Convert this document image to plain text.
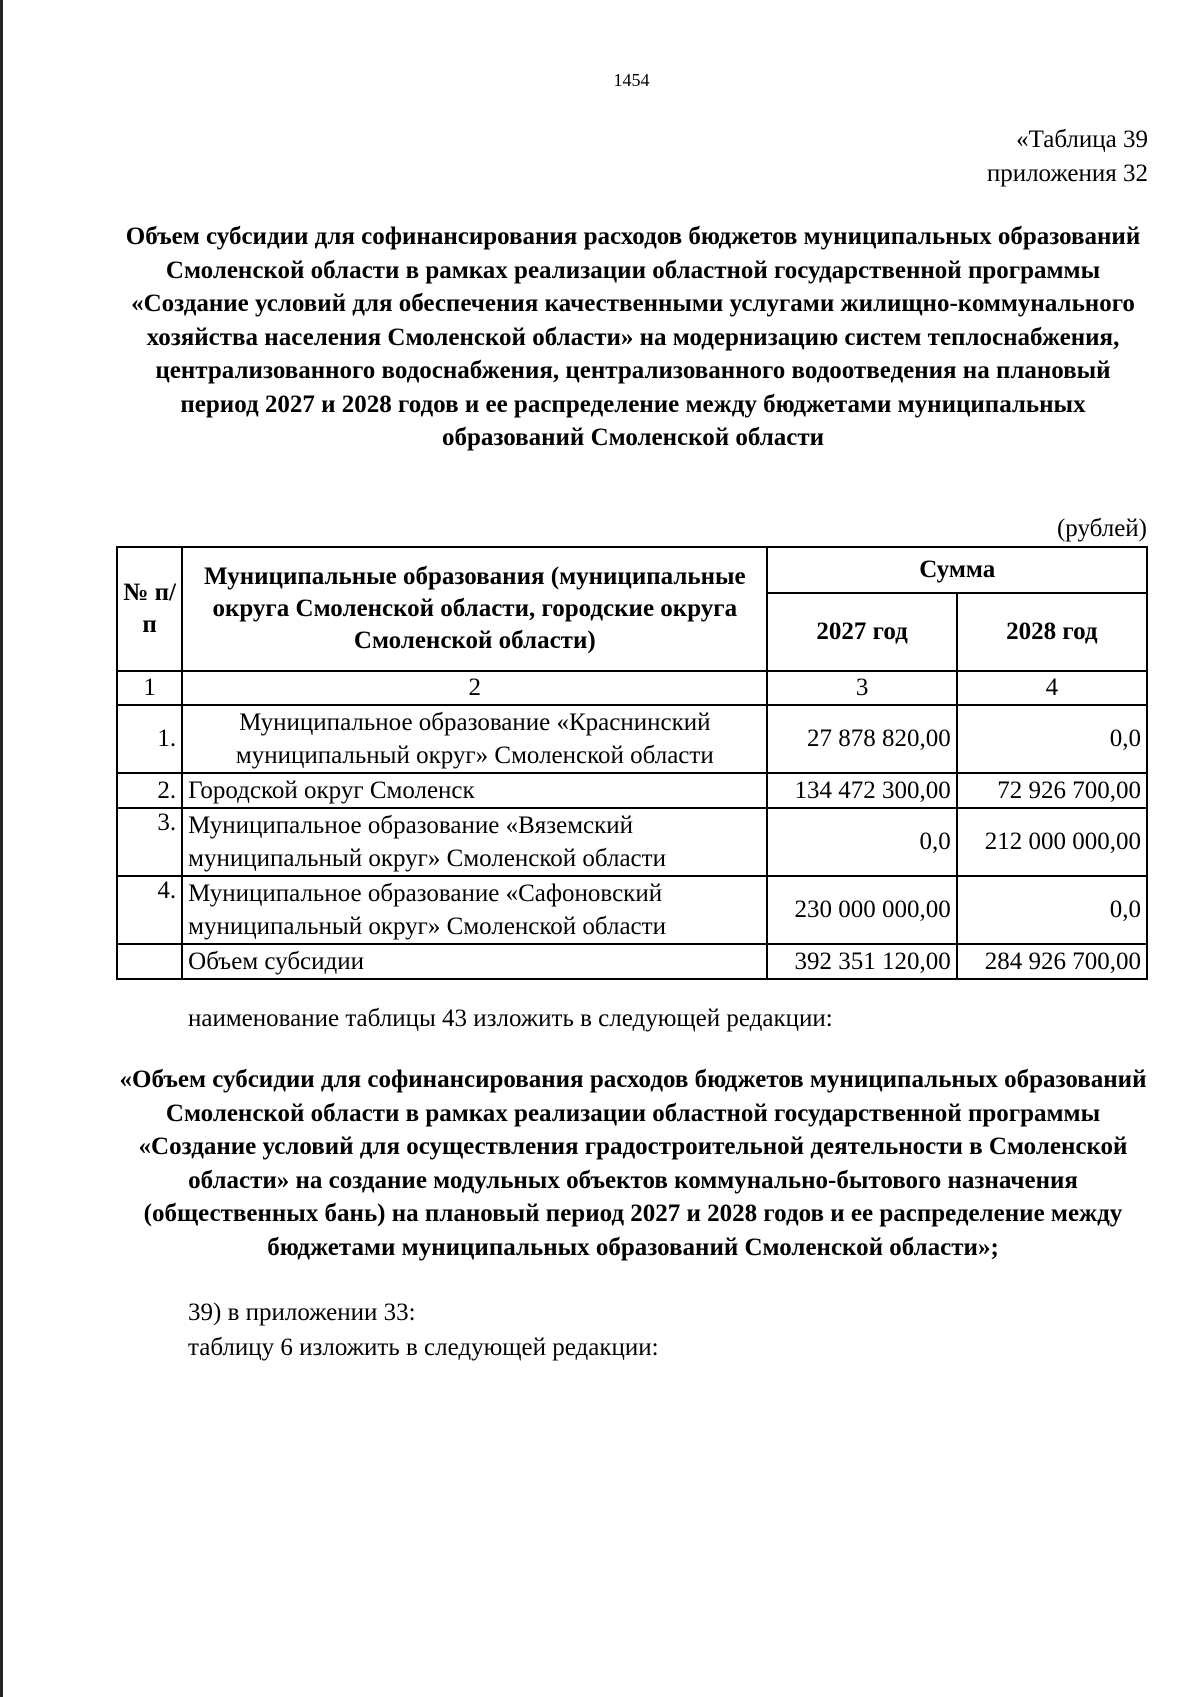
1454
«Таблица 39
приложения 32
Объем субсидии для софинансирования расходов бюджетов муниципальных образований Смоленской области в рамках реализации областной государственной программы «Создание условий для обеспечения качественными услугами жилищно-коммунального хозяйства населения Смоленской области» на модернизацию систем теплоснабжения, централизованного водоснабжения, централизованного водоотведения на плановый период 2027 и 2028 годов и ее распределение между бюджетами муниципальных образований Смоленской области
(рублей)
№ п/п	Муниципальные образования (муниципальные округа Смоленской области, городские округа Смоленской области)	Сумма	
		2027 год	2028 год
1	2	3	4
1.	Муниципальное образование «Краснинский муниципальный округ» Смоленской области	27 878 820,00	0,0
2.	Городской округ Смоленск	134 472 300,00	72 926 700,00
3.	Муниципальное образование «Вяземский муниципальный округ» Смоленской области	0,0	212 000 000,00
4.	Муниципальное образование «Сафоновский муниципальный округ» Смоленской области	230 000 000,00	0,0
	Объем субсидии	392 351 120,00	284 926 700,00
наименование таблицы 43 изложить в следующей редакции:
«Объем субсидии для софинансирования расходов бюджетов муниципальных образований Смоленской области в рамках реализации областной государственной программы «Создание условий для осуществления градостроительной деятельности в Смоленской области» на создание модульных объектов коммунально-бытового назначения (общественных бань) на плановый период 2027 и 2028 годов и ее распределение между бюджетами муниципальных образований Смоленской области»;
39) в приложении 33:
таблицу 6 изложить в следующей редакции:
